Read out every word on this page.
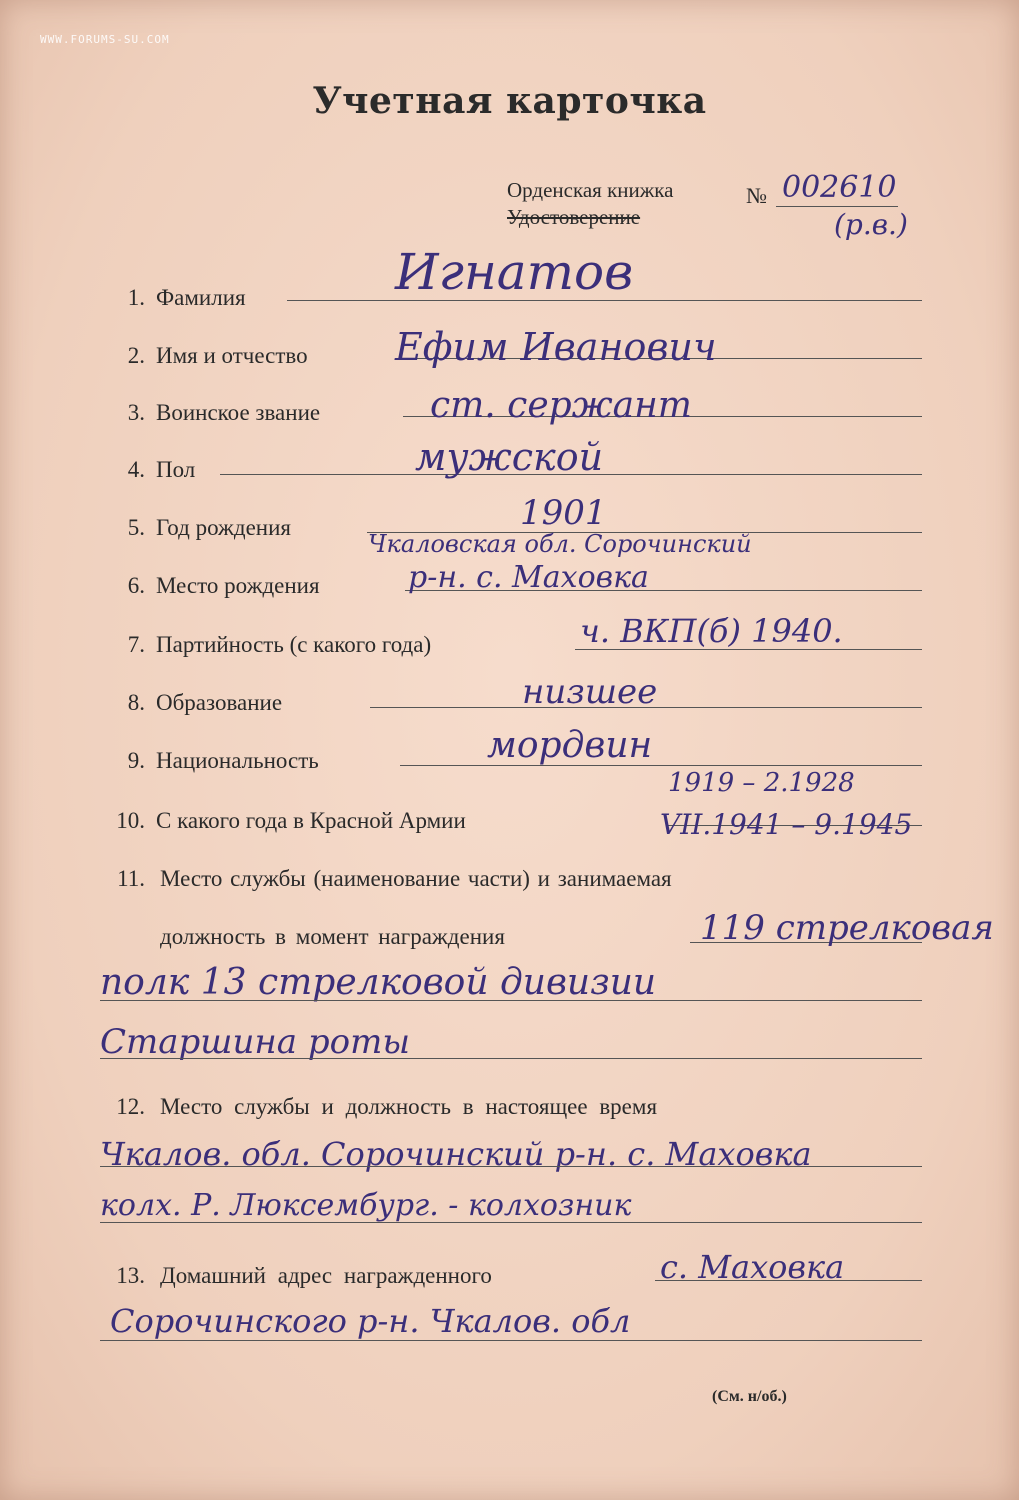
WWW.FORUMS-SU.COM
Учетная карточка
Орденская книжка
Удостоверение
№ 002610
(р.в.)
1. Фамилия	Игнатов
2. Имя и отчество Ефим Иванович
3. Воинское звание	ст. сержант
4. Пол	мужской
5. Год рождения	1901
Чкаловская обл. Сорочинский
6. Место рождения	р-н. с. Маховка
7. Партийность (с какого года)	ч. ВКП(б) 1940.
8. Образование	низшее
9. Национальность	мордвин
1919 – 2.1928
10. С какого года в Красной Армии	VII.1941 – 9.1945
11. Место службы (наименование части) и занимаемая
должность в момент награждения	119 стрелковая
полк 13 стрелковой дивизии
Старшина роты
12. Место службы и должность в настоящее время
Чкалов. обл. Сорочинский р-н. с. Маховка
колх. Р. Люксембург. - колхозник
13. Домашний адрес награжденного	с. Маховка
Сорочинского р-н. Чкалов. обл
(См. н/об.)
